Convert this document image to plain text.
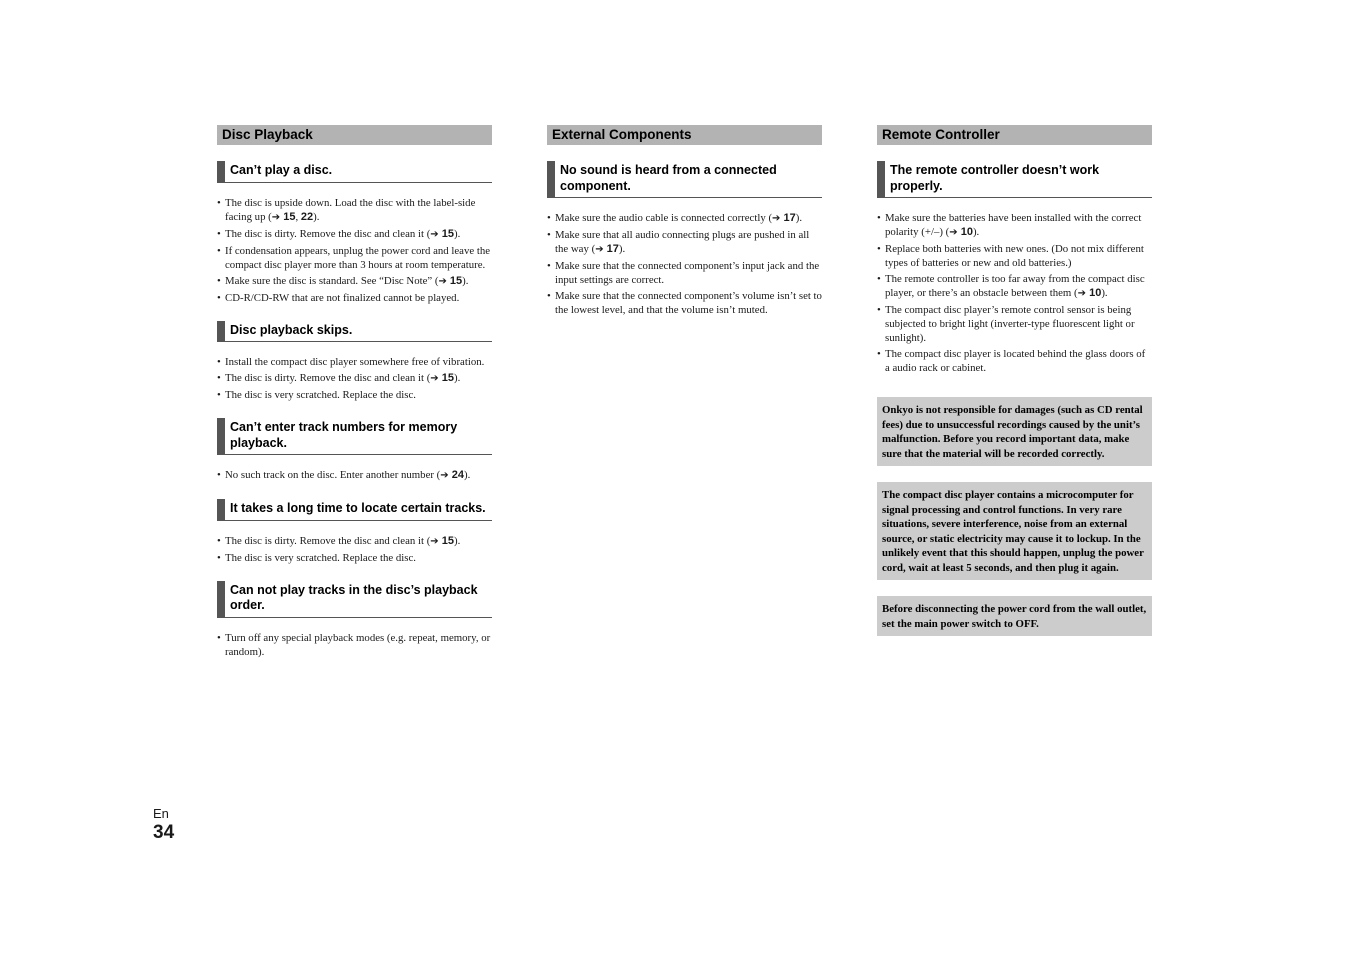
Disc Playback
Can’t play a disc.
• The disc is upside down. Load the disc with the label-side facing up (➔ 15, 22).
• The disc is dirty. Remove the disc and clean it (➔ 15).
• If condensation appears, unplug the power cord and leave the compact disc player more than 3 hours at room temperature.
• Make sure the disc is standard. See “Disc Note” (➔ 15).
• CD-R/CD-RW that are not finalized cannot be played.
Disc playback skips.
• Install the compact disc player somewhere free of vibration.
• The disc is dirty. Remove the disc and clean it (➔ 15).
• The disc is very scratched. Replace the disc.
Can’t enter track numbers for memory playback.
• No such track on the disc. Enter another number (➔ 24).
It takes a long time to locate certain tracks.
• The disc is dirty. Remove the disc and clean it (➔ 15).
• The disc is very scratched. Replace the disc.
Can not play tracks in the disc’s playback order.
• Turn off any special playback modes (e.g. repeat, memory, or random).
External Components
No sound is heard from a connected component.
• Make sure the audio cable is connected correctly (➔ 17).
• Make sure that all audio connecting plugs are pushed in all the way (➔ 17).
• Make sure that the connected component’s input jack and the input settings are correct.
• Make sure that the connected component’s volume isn’t set to the lowest level, and that the volume isn’t muted.
Remote Controller
The remote controller doesn’t work properly.
• Make sure the batteries have been installed with the correct polarity (+/–) (➔ 10).
• Replace both batteries with new ones. (Do not mix different types of batteries or new and old batteries.)
• The remote controller is too far away from the compact disc player, or there’s an obstacle between them (➔ 10).
• The compact disc player’s remote control sensor is being subjected to bright light (inverter-type fluorescent light or sunlight).
• The compact disc player is located behind the glass doors of a audio rack or cabinet.
Onkyo is not responsible for damages (such as CD rental fees) due to unsuccessful recordings caused by the unit’s malfunction. Before you record important data, make sure that the material will be recorded correctly.
The compact disc player contains a microcomputer for signal processing and control functions. In very rare situations, severe interference, noise from an external source, or static electricity may cause it to lockup. In the unlikely event that this should happen, unplug the power cord, wait at least 5 seconds, and then plug it again.
Before disconnecting the power cord from the wall outlet, set the main power switch to OFF.
En
34
